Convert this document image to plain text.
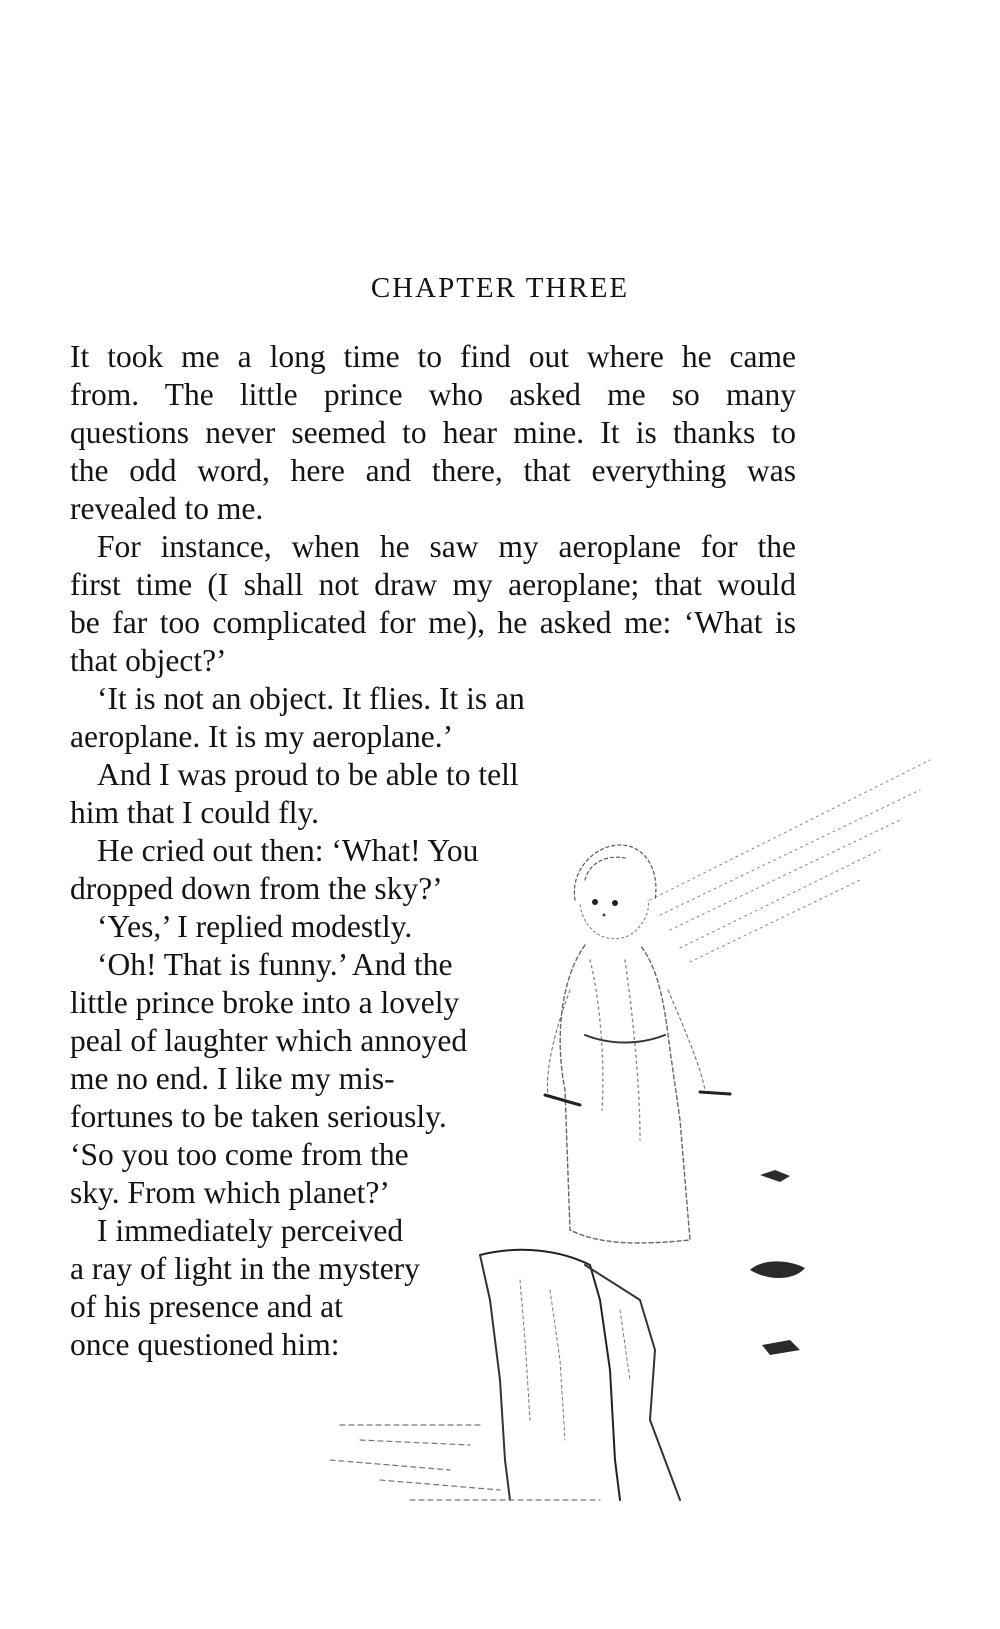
CHAPTER THREE

It took me a long time to find out where he came

from. The little prince who asked me so many

questions never seemed to hear mine. It is thanks to

the odd word, here and there, that everything was

revealed to me.

For instance, when he saw my aeroplane for the

first time (I shall not draw my aeroplane; that would

be far too complicated for me), he asked me: ‘What is

that object?’

‘It is not an object. It flies. It is an

aeroplane. It is my aeroplane.’

And I was proud to be able to tell

him that I could fly.

He cried out then: ‘What! You

dropped down from the sky?’

‘Yes,’ I replied modestly.

‘Oh! That is funny.’ And the

little prince broke into a lovely

peal of laughter which annoyed

me no end. I like my mis-

fortunes to be taken seriously.

‘So you too come from the

sky. From which planet?’

I immediately perceived

a ray of light in the mystery

of his presence and at

once questioned him:
